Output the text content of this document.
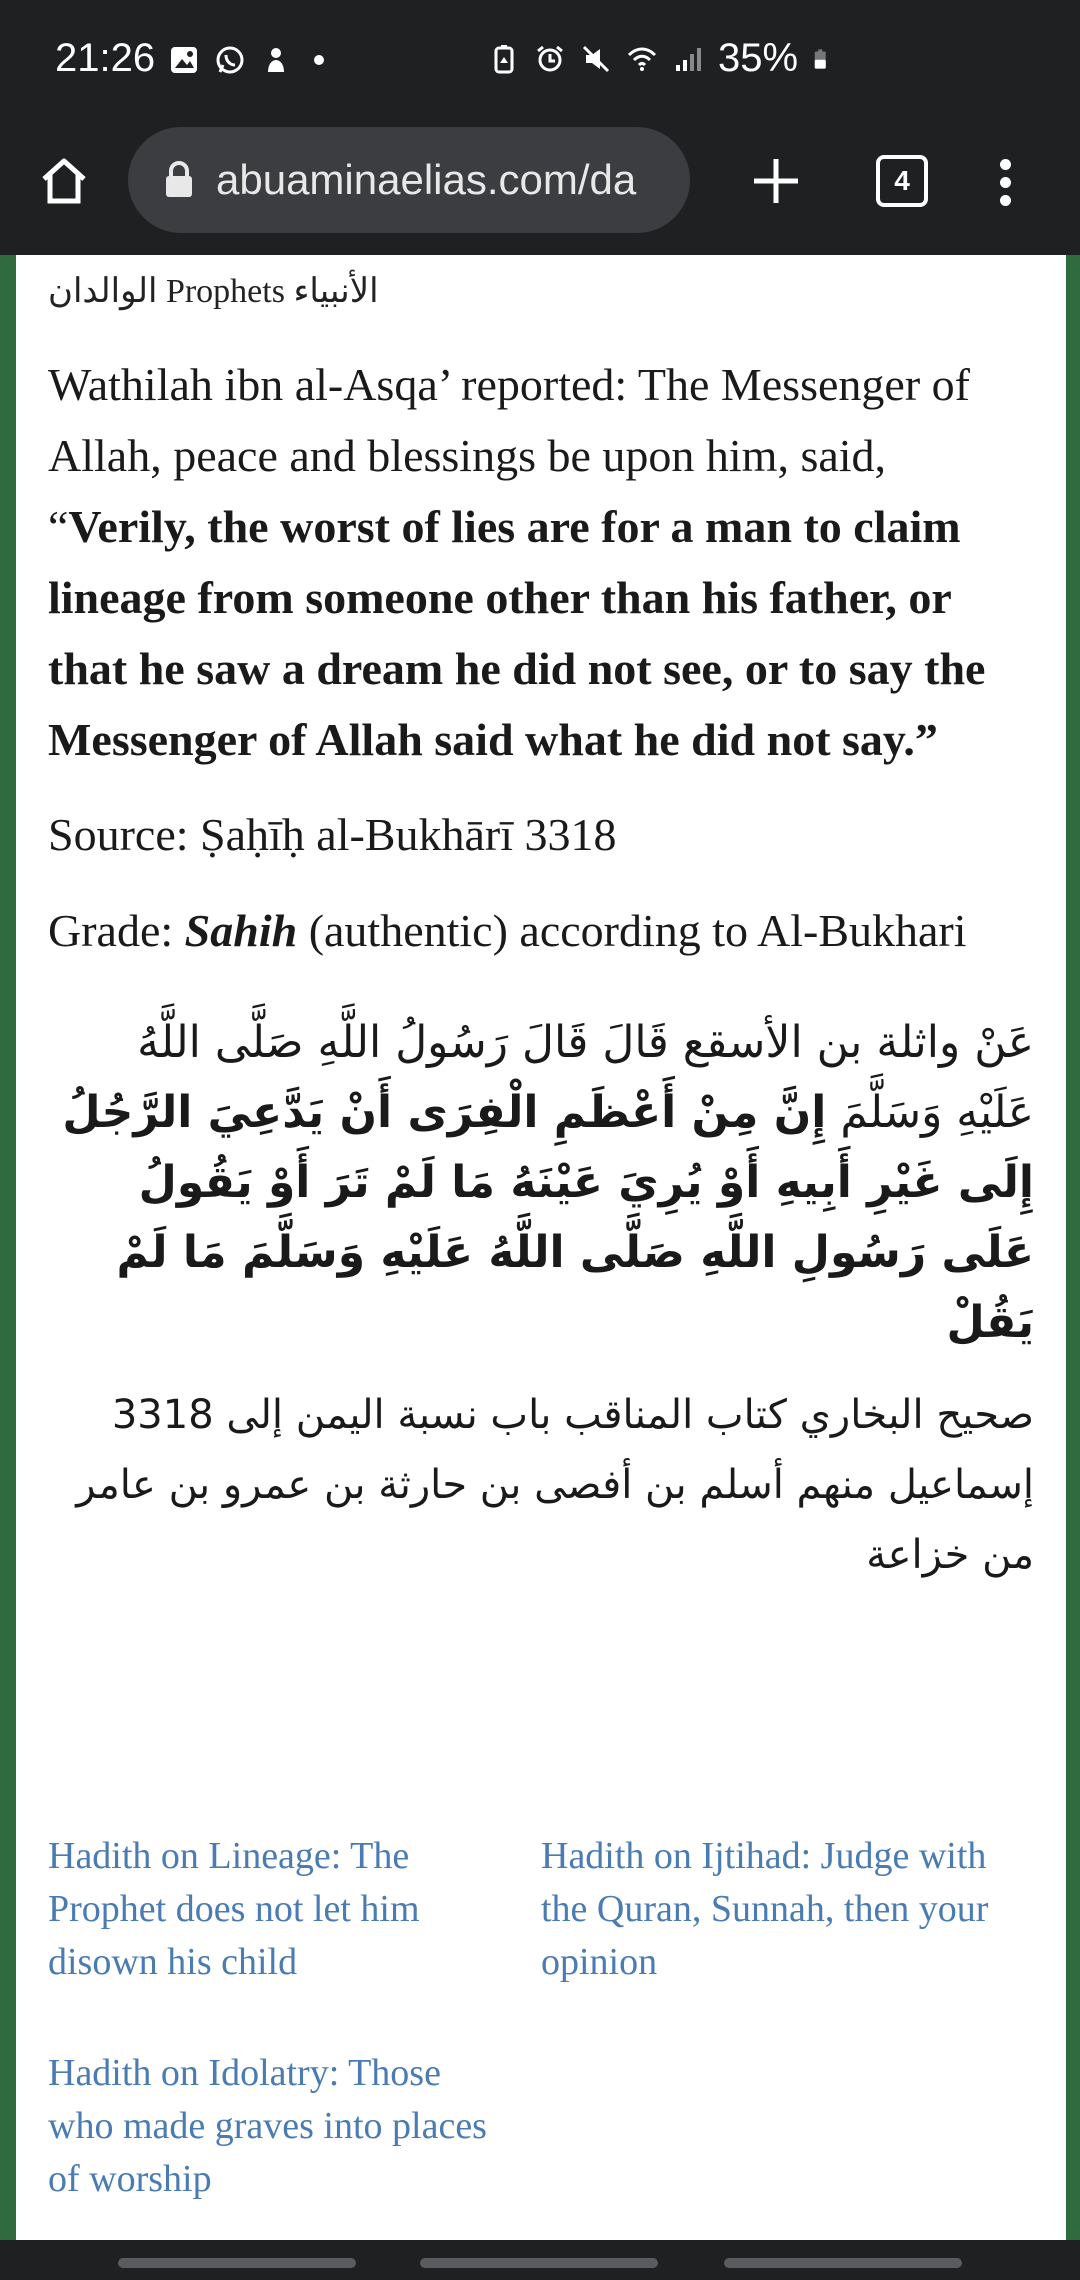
21:26	35%
abuaminaelias.com/da	4
الوالدان Prophets الأنبياء

Wathilah ibn al-Asqa’ reported: The Messenger of Allah, peace and blessings be upon him, said, “Verily, the worst of lies are for a man to claim lineage from someone other than his father, or that he saw a dream he did not see, or to say the Messenger of Allah said what he did not say.”

Source: Ṣaḥīḥ al-Bukhārī 3318

Grade: Sahih (authentic) according to Al-Bukhari

عَنْ واثلة بن الأسقع قَالَ قَالَ رَسُولُ اللَّهِ صَلَّى اللَّهُ عَلَيْهِ وَسَلَّمَ إِنَّ مِنْ أَعْظَمِ الْفِرَى أَنْ يَدَّعِيَ الرَّجُلُ إِلَى غَيْرِ أَبِيهِ أَوْ يُرِيَ عَيْنَهُ مَا لَمْ تَرَ أَوْ يَقُولُ عَلَى رَسُولِ اللَّهِ صَلَّى اللَّهُ عَلَيْهِ وَسَلَّمَ مَا لَمْ يَقُلْ
صحيح البخاري كتاب المناقب باب نسبة اليمن إلى 3318 إسماعيل منهم أسلم بن أفصى بن حارثة بن عمرو بن عامر من خزاعة
Hadith on Lineage: The Prophet does not let him disown his child
Hadith on Ijtihad: Judge with the Quran, Sunnah, then your opinion
Hadith on Idolatry: Those who made graves into places of worship
